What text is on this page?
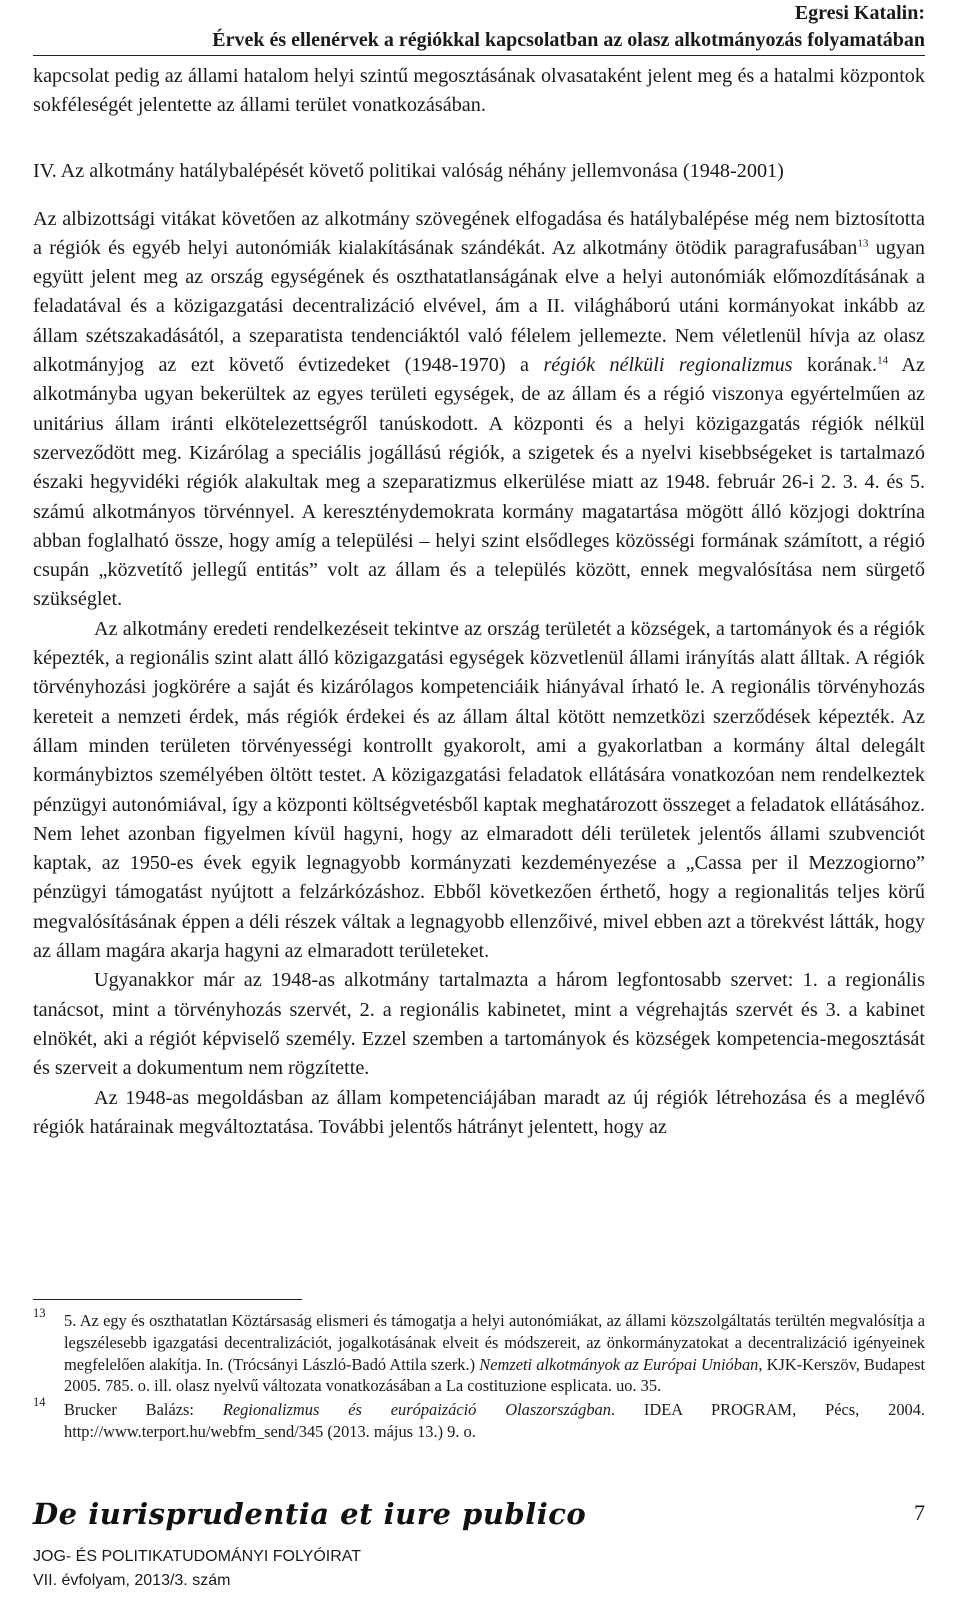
Egresi Katalin:
Érvek és ellenérvek a régiókkal kapcsolatban az olasz alkotmányozás folyamatában

kapcsolat pedig az állami hatalom helyi szintű megosztásának olvasataként jelent meg és a hatalmi központok sokféleségét jelentette az állami terület vonatkozásában.

IV. Az alkotmány hatálybalépését követő politikai valóság néhány jellemvonása (1948-2001)

Az albizottsági vitákat követően az alkotmány szövegének elfogadása és hatálybalépése még nem biztosította a régiók és egyéb helyi autonómiák kialakításának szándékát. Az alkotmány ötödik paragrafusában$^{13}$ ugyan együtt jelent meg az ország egységének és oszthatatlanságának elve a helyi autonómiák előmozdításának a feladatával és a közigazgatási decentralizáció elvével, ám a II. világháború utáni kormányokat inkább az állam szétszakadásától, a szeparatista tendenciáktól való félelem jellemezte. Nem véletlenül hívja az olasz alkotmányjog az ezt követő évtizedeket (1948-1970) a régiók nélküli regionalizmus korának.$^{14}$ Az alkotmányba ugyan bekerültek az egyes területi egységek, de az állam és a régió viszonya egyértelműen az unitárius állam iránti elkötelezettségről tanúskodott. A központi és a helyi közigazgatás régiók nélkül szerveződött meg. Kizárólag a speciális jogállású régiók, a szigetek és a nyelvi kisebbségeket is tartalmazó északi hegyvidéki régiók alakultak meg a szeparatizmus elkerülése miatt az 1948. február 26-i 2. 3. 4. és 5. számú alkotmányos törvénnyel. A kereszténydemokrata kormány magatartása mögött álló közjogi doktrína abban foglalható össze, hogy amíg a települési – helyi szint elsődleges közösségi formának számított, a régió csupán „közvetítő jellegű entitás” volt az állam és a település között, ennek megvalósítása nem sürgető szükséglet.

Az alkotmány eredeti rendelkezéseit tekintve az ország területét a községek, a tartományok és a régiók képezték, a regionális szint alatt álló közigazgatási egységek közvetlenül állami irányítás alatt álltak. A régiók törvényhozási jogkörére a saját és kizárólagos kompetenciáik hiányával írható le. A regionális törvényhozás kereteit a nemzeti érdek, más régiók érdekei és az állam által kötött nemzetközi szerződések képezték. Az állam minden területen törvényességi kontrollt gyakorolt, ami a gyakorlatban a kormány által delegált kormánybiztos személyében öltött testet. A közigazgatási feladatok ellátására vonatkozóan nem rendelkeztek pénzügyi autonómiával, így a központi költségvetésből kaptak meghatározott összeget a feladatok ellátásához. Nem lehet azonban figyelmen kívül hagyni, hogy az elmaradott déli területek jelentős állami szubvenciót kaptak, az 1950-es évek egyik legnagyobb kormányzati kezdeményezése a „Cassa per il Mezzogiorno” pénzügyi támogatást nyújtott a felzárkózáshoz. Ebből következően érthető, hogy a regionalitás teljes körű megvalósításának éppen a déli részek váltak a legnagyobb ellenzőivé, mivel ebben azt a törekvést látták, hogy az állam magára akarja hagyni az elmaradott területeket.

Ugyanakkor már az 1948-as alkotmány tartalmazta a három legfontosabb szervet: 1. a regionális tanácsot, mint a törvényhozás szervét, 2. a regionális kabinetet, mint a végrehajtás szervét és 3. a kabinet elnökét, aki a régiót képviselő személy. Ezzel szemben a tartományok és községek kompetencia-megosztását és szerveit a dokumentum nem rögzítette.

Az 1948-as megoldásban az állam kompetenciájában maradt az új régiók létrehozása és a meglévő régiók határainak megváltoztatása. További jelentős hátrányt jelentett, hogy az

13 5. Az egy és oszthatatlan Köztársaság elismeri és támogatja a helyi autonómiákat, az állami közszolgáltatás terültén megvalósítja a legszélesebb igazgatási decentralizációt, jogalkotásának elveit és módszereit, az önkormányzatokat a decentralizáció igényeinek megfelelően alakítja. In. (Trócsányi László-Badó Attila szerk.) Nemzeti alkotmányok az Európai Unióban, KJK-Kerszöv, Budapest 2005. 785. o. ill. olasz nyelvű változata vonatkozásában a La costituzione esplicata. uo. 35.
14 Brucker Balázs: Regionalizmus és európaizáció Olaszországban. IDEA PROGRAM, Pécs, 2004. http://www.terport.hu/webfm_send/345 (2013. május 13.) 9. o.
De iurisprudentia et iure publico	7
JOG- ÉS POLITIKATUDOMÁNYI FOLYÓIRAT
VII. évfolyam, 2013/3. szám
